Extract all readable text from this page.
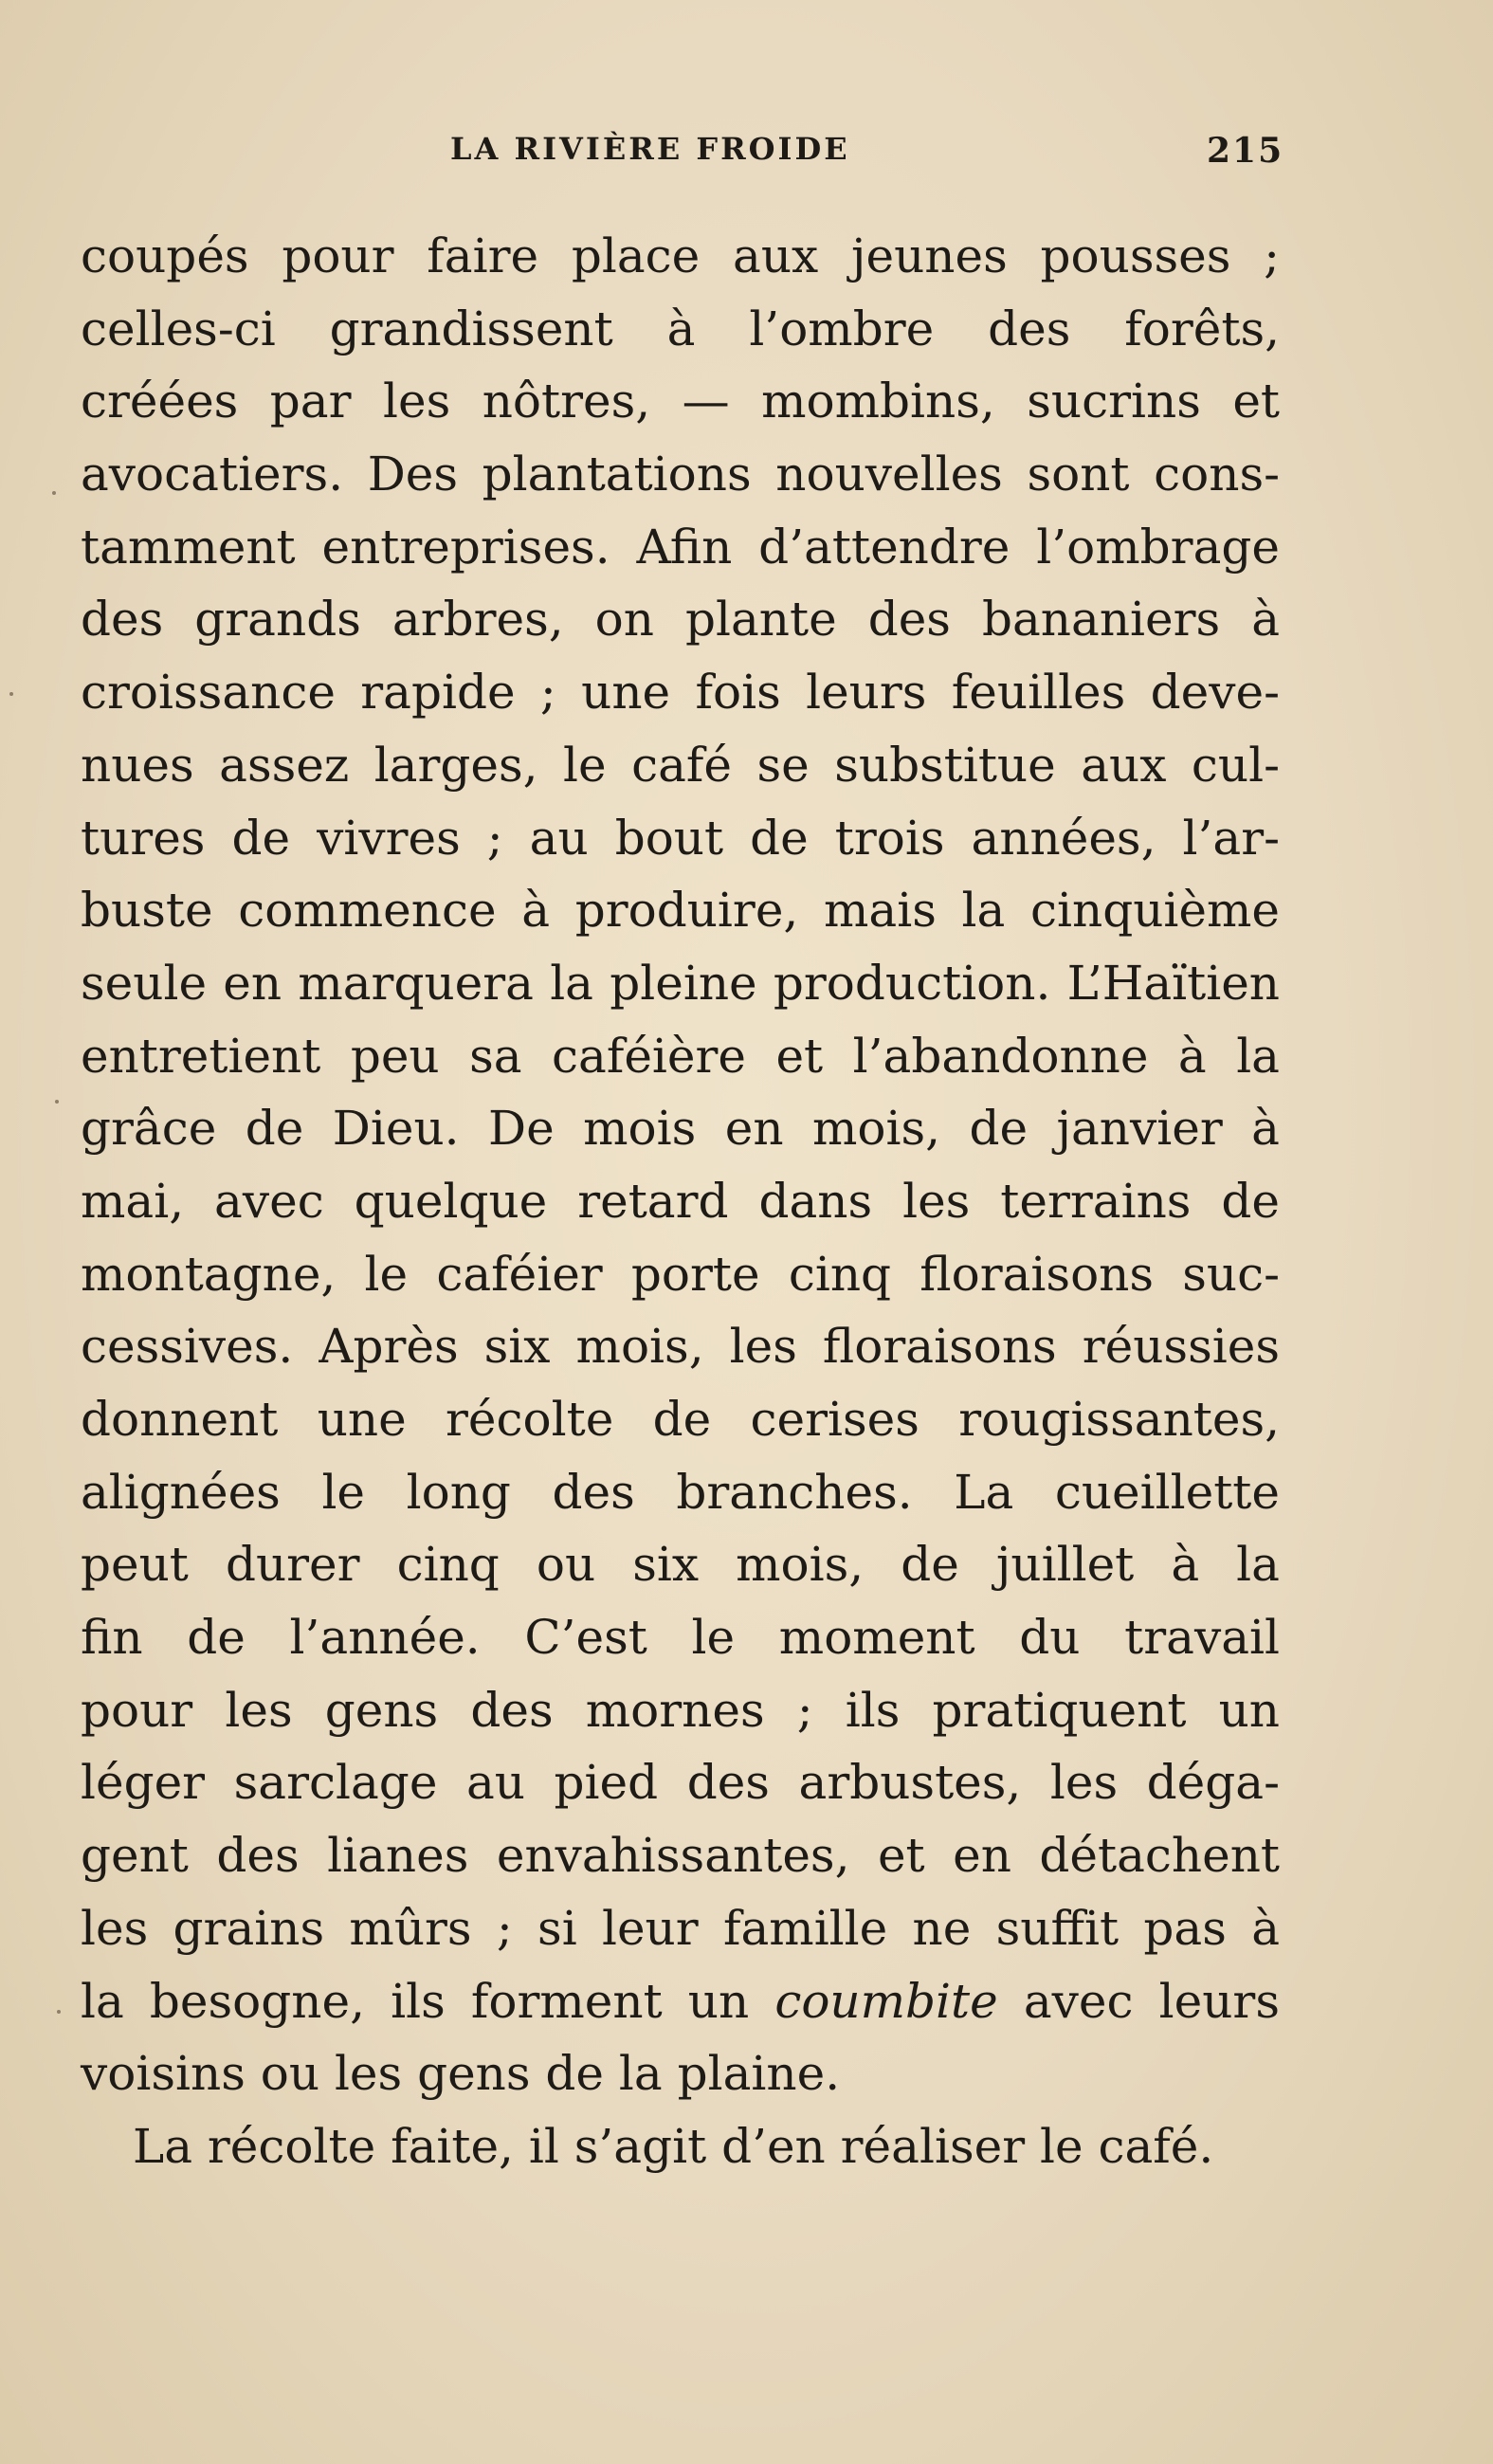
LA RIVIÈRE FROIDE	215
coupés pour faire place aux jeunes pousses ;
celles-ci grandissent à l’ombre des forêts,
créées par les nôtres, — mombins, sucrins et
avocatiers. Des plantations nouvelles sont cons-
tamment entreprises. Afin d’attendre l’ombrage
des grands arbres, on plante des bananiers à
croissance rapide ; une fois leurs feuilles deve-
nues assez larges, le café se substitue aux cul-
tures de vivres ; au bout de trois années, l’ar-
buste commence à produire, mais la cinquième
seule en marquera la pleine production. L’Haïtien
entretient peu sa caféière et l’abandonne à la
grâce de Dieu. De mois en mois, de janvier à
mai, avec quelque retard dans les terrains de
montagne, le caféier porte cinq floraisons suc-
cessives. Après six mois, les floraisons réussies
donnent une récolte de cerises rougissantes,
alignées le long des branches. La cueillette
peut durer cinq ou six mois, de juillet à la
fin de l’année. C’est le moment du travail
pour les gens des mornes ; ils pratiquent un
léger sarclage au pied des arbustes, les déga-
gent des lianes envahissantes, et en détachent
les grains mûrs ; si leur famille ne suffit pas à
la besogne, ils forment un coumbite avec leurs
voisins ou les gens de la plaine.
La récolte faite, il s’agit d’en réaliser le café.
